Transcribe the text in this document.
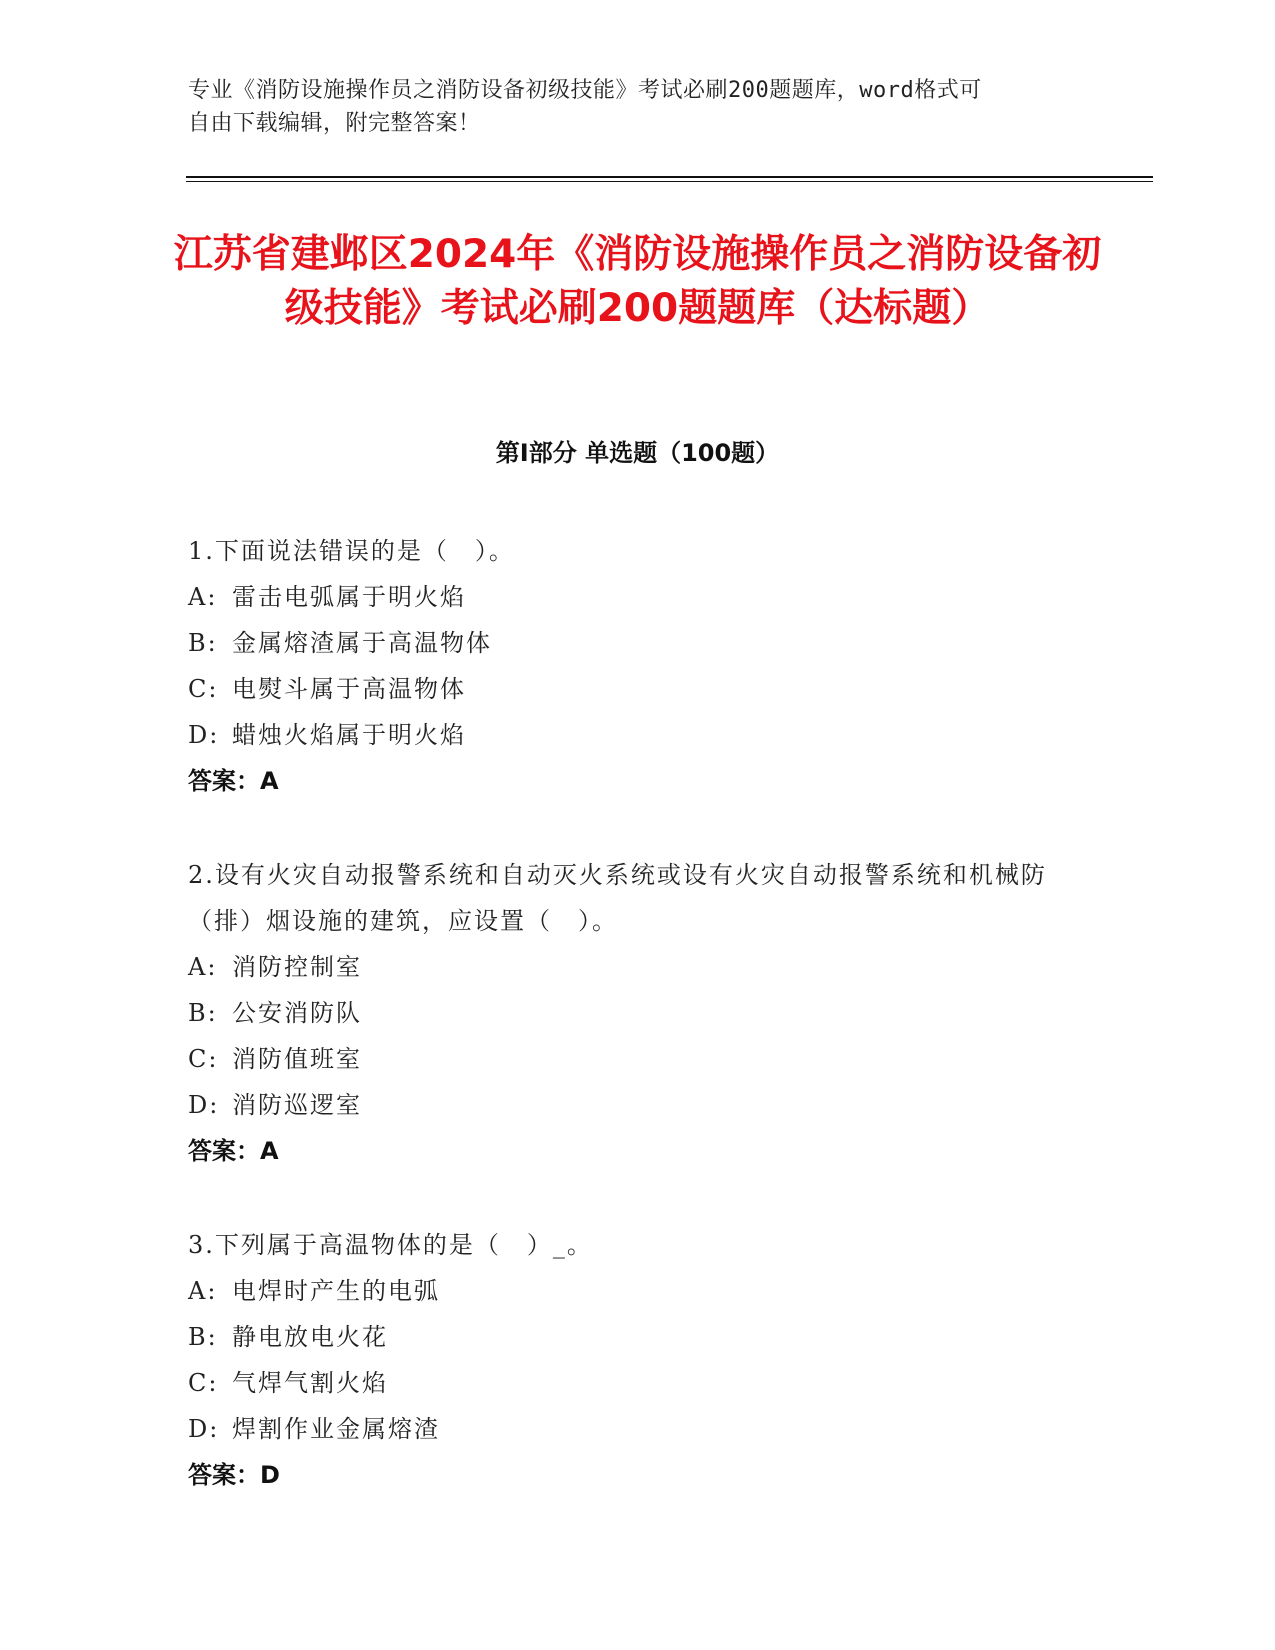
专业《消防设施操作员之消防设备初级技能》考试必刷200题题库，word格式可
自由下载编辑，附完整答案！
江苏省建邺区2024年《消防设施操作员之消防设备初级技能》考试必刷200题题库（达标题）
第Ⅰ部分 单选题（100题）
1.下面说法错误的是（　）。
A: 雷击电弧属于明火焰
B: 金属熔渣属于高温物体
C: 电熨斗属于高温物体
D: 蜡烛火焰属于明火焰
答案：A
2.设有火灾自动报警系统和自动灭火系统或设有火灾自动报警系统和机械防（排）烟设施的建筑，应设置（　）。
A: 消防控制室
B: 公安消防队
C: 消防值班室
D: 消防巡逻室
答案：A
3.下列属于高温物体的是（　）_。
A: 电焊时产生的电弧
B: 静电放电火花
C: 气焊气割火焰
D: 焊割作业金属熔渣
答案：D
